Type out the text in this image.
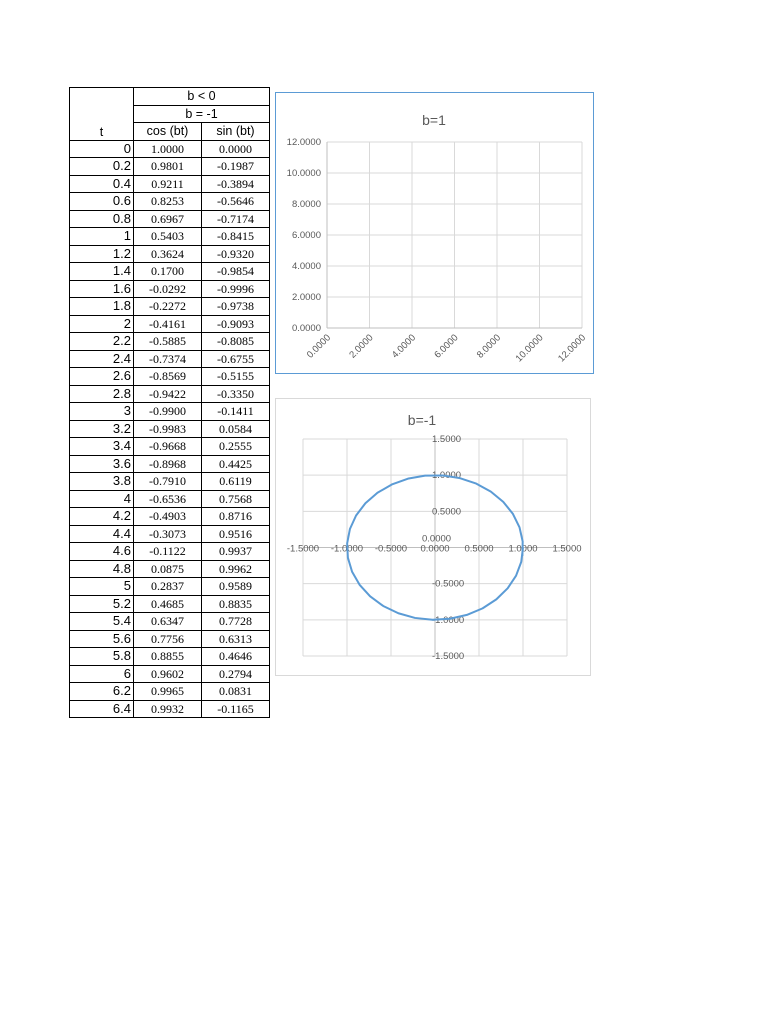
	b < 0	
	b = -1	
t	cos (bt)	sin (bt)
0	1.0000	0.0000
0.2	0.9801	-0.1987
0.4	0.9211	-0.3894
0.6	0.8253	-0.5646
0.8	0.6967	-0.7174
1	0.5403	-0.8415
1.2	0.3624	-0.9320
1.4	0.1700	-0.9854
1.6	-0.0292	-0.9996
1.8	-0.2272	-0.9738
2	-0.4161	-0.9093
2.2	-0.5885	-0.8085
2.4	-0.7374	-0.6755
2.6	-0.8569	-0.5155
2.8	-0.9422	-0.3350
3	-0.9900	-0.1411
3.2	-0.9983	0.0584
3.4	-0.9668	0.2555
3.6	-0.8968	0.4425
3.8	-0.7910	0.6119
4	-0.6536	0.7568
4.2	-0.4903	0.8716
4.4	-0.3073	0.9516
4.6	-0.1122	0.9937
4.8	0.0875	0.9962
5	0.2837	0.9589
5.2	0.4685	0.8835
5.4	0.6347	0.7728
5.6	0.7756	0.6313
5.8	0.8855	0.4646
6	0.9602	0.2794
6.2	0.9965	0.0831
6.4	0.9932	-0.1165
b=1
0.0000
2.0000
4.0000
6.0000
8.0000
10.0000
12.0000
0.0000 2.0000 4.0000 6.0000 8.0000 10.0000 12.0000
b=-1
-1.5000 -1.0000 -0.5000 0.0000 0.5000 1.0000 1.5000
-1.5000
-1.0000
-0.5000
0.5000
1.0000
1.5000
0.0000
